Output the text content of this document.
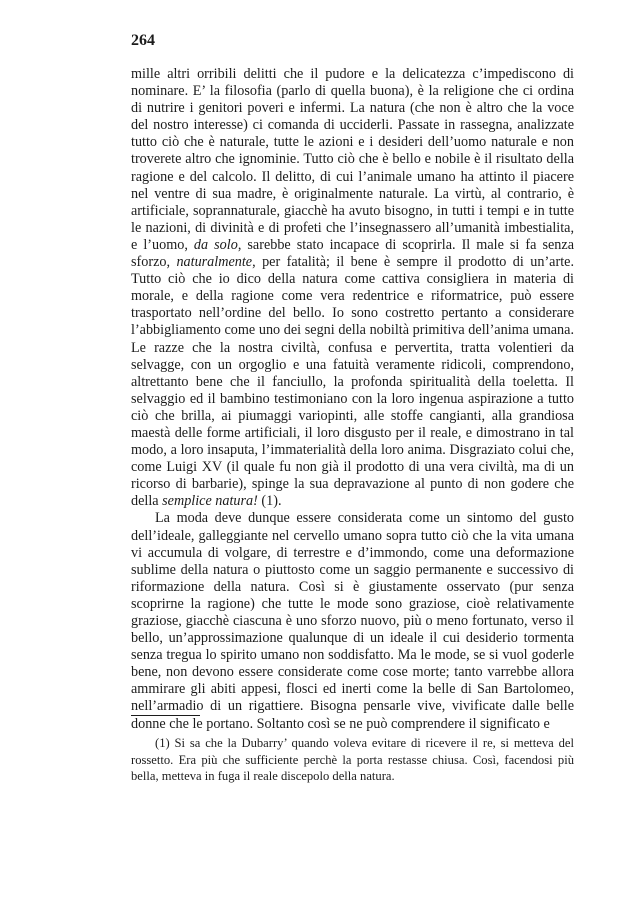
264

mille altri orribili delitti che il pudore e la delicatezza c’impediscono di nominare. E’ la filosofia (parlo di quella buona), è la religione che ci ordina di nutrire i genitori poveri e infermi. La natura (che non è altro che la voce del nostro interesse) ci comanda di ucciderli. Passate in rassegna, analizzate tutto ciò che è naturale, tutte le azioni e i desideri dell’uomo naturale e non troverete altro che ignominie. Tutto ciò che è bello e nobile è il risultato della ragione e del calcolo. Il delitto, di cui l’animale umano ha attinto il piacere nel ventre di sua madre, è originalmente naturale. La virtù, al contrario, è artificiale, soprannaturale, giacchè ha avuto bisogno, in tutti i tempi e in tutte le nazioni, di divinità e di profeti che l’insegnassero all’umanità imbestialita, e l’uomo, da solo, sarebbe stato incapace di scoprirla. Il male si fa senza sforzo, naturalmente, per fatalità; il bene è sempre il prodotto di un’arte. Tutto ciò che io dico della natura come cattiva consigliera in materia di morale, e della ragione come vera redentrice e riformatrice, può essere trasportato nell’ordine del bello. Io sono costretto pertanto a considerare l’abbigliamento come uno dei segni della nobiltà primitiva dell’anima umana. Le razze che la nostra civiltà, confusa e pervertita, tratta volentieri da selvagge, con un orgoglio e una fatuità veramente ridicoli, comprendono, altrettanto bene che il fanciullo, la profonda spiritualità della toeletta. Il selvaggio ed il bambino testimoniano con la loro ingenua aspirazione a tutto ciò che brilla, ai piumaggi variopinti, alle stoffe cangianti, alla grandiosa maestà delle forme artificiali, il loro disgusto per il reale, e dimostrano in tal modo, a loro insaputa, l’immaterialità della loro anima. Disgraziato colui che, come Luigi XV (il quale fu non già il prodotto di una vera civiltà, ma di un ricorso di barbarie), spinge la sua depravazione al punto di non godere che della semplice natura! (1).

La moda deve dunque essere considerata come un sintomo del gusto dell’ideale, galleggiante nel cervello umano sopra tutto ciò che la vita umana vi accumula di volgare, di terrestre e d’immondo, come una deformazione sublime della natura o piuttosto come un saggio permanente e successivo di riformazione della natura. Così si è giustamente osservato (pur senza scoprirne la ragione) che tutte le mode sono graziose, cioè relativamente graziose, giacchè ciascuna è uno sforzo nuovo, più o meno fortunato, verso il bello, un’approssimazione qualunque di un ideale il cui desiderio tormenta senza tregua lo spirito umano non soddisfatto. Ma le mode, se si vuol goderle bene, non devono essere considerate come cose morte; tanto varrebbe allora ammirare gli abiti appesi, flosci ed inerti come la belle di San Bartolomeo, nell’armadio di un rigattiere. Bisogna pensarle vive, vivificate dalle belle donne che le portano. Soltanto così se ne può comprendere il significato e

(1) Si sa che la Dubarry’ quando voleva evitare di ricevere il re, si metteva del rossetto. Era più che sufficiente perchè la porta restasse chiusa. Così, facendosi più bella, metteva in fuga il reale discepolo della natura.
